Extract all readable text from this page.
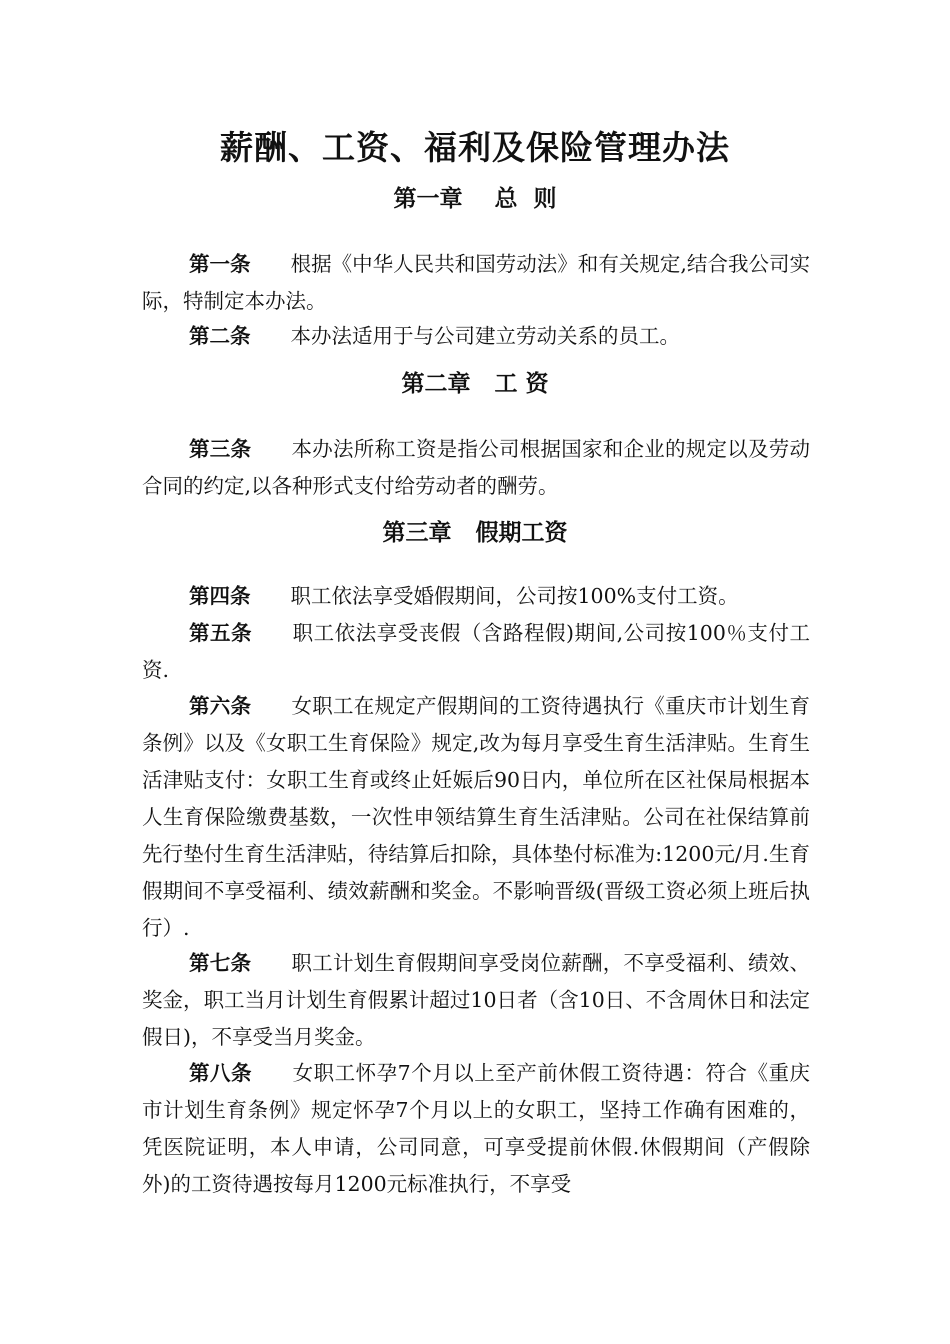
薪酬、工资、福利及保险管理办法
第一章    总  则

第一条 根据《中华人民共和国劳动法》和有关规定,结合我公司实际，特制定本办法。

第二条 本办法适用于与公司建立劳动关系的员工。

第二章   工 资

第三条 本办法所称工资是指公司根据国家和企业的规定以及劳动合同的约定,以各种形式支付给劳动者的酬劳。

第三章   假期工资

第四条 职工依法享受婚假期间，公司按100%支付工资。

第五条 职工依法享受丧假（含路程假)期间,公司按100％支付工资.

第六条 女职工在规定产假期间的工资待遇执行《重庆市计划生育条例》以及《女职工生育保险》规定,改为每月享受生育生活津贴。生育生活津贴支付：女职工生育或终止妊娠后90日内，单位所在区社保局根据本人生育保险缴费基数，一次性申领结算生育生活津贴。公司在社保结算前先行垫付生育生活津贴，待结算后扣除，具体垫付标准为:1200元/月.生育假期间不享受福利、绩效薪酬和奖金。不影响晋级(晋级工资必须上班后执行）.

第七条 职工计划生育假期间享受岗位薪酬，不享受福利、绩效、奖金，职工当月计划生育假累计超过10日者（含10日、不含周休日和法定假日)，不享受当月奖金。

第八条 女职工怀孕7个月以上至产前休假工资待遇：符合《重庆市计划生育条例》规定怀孕7个月以上的女职工，坚持工作确有困难的，凭医院证明，本人申请，公司同意，可享受提前休假.休假期间（产假除外)的工资待遇按每月1200元标准执行，不享受
